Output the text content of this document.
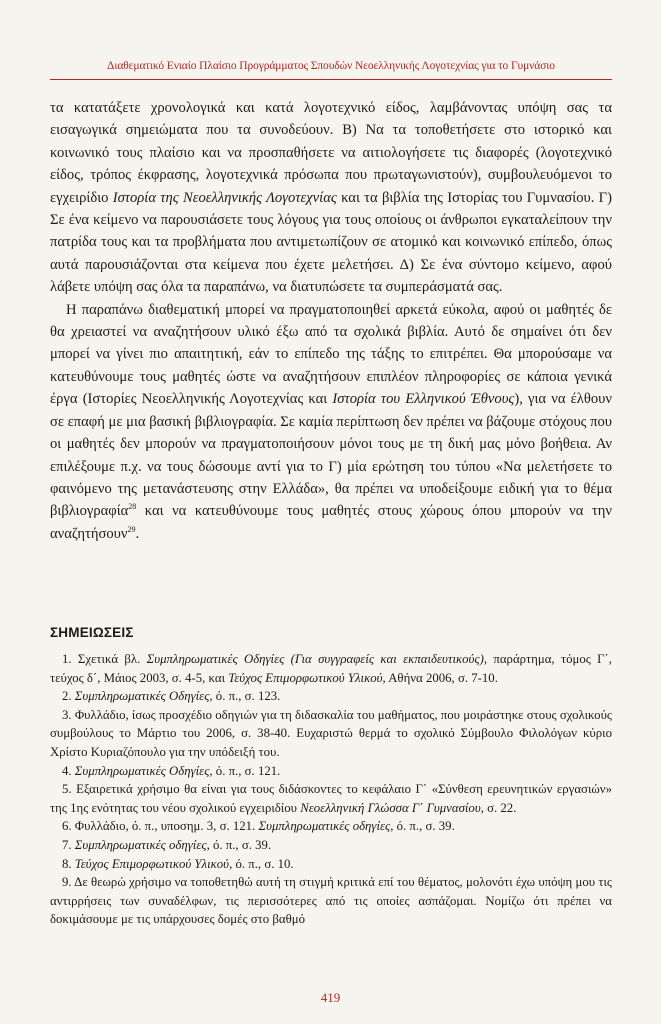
Διαθεματικό Ενιαίο Πλαίσιο Προγράμματος Σπουδών Νεοελληνικής Λογοτεχνίας για το Γυμνάσιο

τα κατατάξετε χρονολογικά και κατά λογοτεχνικό είδος, λαμβάνοντας υπόψη σας τα εισαγωγικά σημειώματα που τα συνοδεύουν. Β) Να τα τοποθετήσετε στο ιστορικό και κοινωνικό τους πλαίσιο και να προσπαθήσετε να αιτιολογήσετε τις διαφορές (λογοτεχνικό είδος, τρόπος έκφρασης, λογοτεχνικά πρόσωπα που πρωταγωνιστούν), συμβουλευόμενοι το εγχειρίδιο Ιστορία της Νεοελληνικής Λογοτεχνίας και τα βιβλία της Ιστορίας του Γυμνασίου. Γ) Σε ένα κείμενο να παρουσιάσετε τους λόγους για τους οποίους οι άνθρωποι εγκαταλείπουν την πατρίδα τους και τα προβλήματα που αντιμετωπίζουν σε ατομικό και κοινωνικό επίπεδο, όπως αυτά παρουσιάζονται στα κείμενα που έχετε μελετήσει. Δ) Σε ένα σύντομο κείμενο, αφού λάβετε υπόψη σας όλα τα παραπάνω, να διατυπώσετε τα συμπεράσματά σας.

Η παραπάνω διαθεματική μπορεί να πραγματοποιηθεί αρκετά εύκολα, αφού οι μαθητές δε θα χρειαστεί να αναζητήσουν υλικό έξω από τα σχολικά βιβλία. Αυτό δε σημαίνει ότι δεν μπορεί να γίνει πιο απαιτητική, εάν το επίπεδο της τάξης το επιτρέπει. Θα μπορούσαμε να κατευθύνουμε τους μαθητές ώστε να αναζητήσουν επιπλέον πληροφορίες σε κάποια γενικά έργα (Ιστορίες Νεοελληνικής Λογοτεχνίας και Ιστορία του Ελληνικού Έθνους), για να έλθουν σε επαφή με μια βασική βιβλιογραφία. Σε καμία περίπτωση δεν πρέπει να βάζουμε στόχους που οι μαθητές δεν μπορούν να πραγματοποιήσουν μόνοι τους με τη δική μας μόνο βοήθεια. Αν επιλέξουμε π.χ. να τους δώσουμε αντί για το Γ) μία ερώτηση του τύπου «Να μελετήσετε το φαινόμενο της μετανάστευσης στην Ελλάδα», θα πρέπει να υποδείξουμε ειδική για το θέμα βιβλιογραφία$^{28}$ και να κατευθύνουμε τους μαθητές στους χώρους όπου μπορούν να την αναζητήσουν$^{29}$.

ΣΗΜΕΙΩΣΕΙΣ

1. Σχετικά βλ. Συμπληρωματικές Οδηγίες (Για συγγραφείς και εκπαιδευτικούς), παράρτημα, τόμος Γ΄, τεύχος δ΄, Μάιος 2003, σ. 4-5, και Τεύχος Επιμορφωτικού Υλικού, Αθήνα 2006, σ. 7-10.

2. Συμπληρωματικές Οδηγίες, ό. π., σ. 123.

3. Φυλλάδιο, ίσως προσχέδιο οδηγιών για τη διδασκαλία του μαθήματος, που μοιράστηκε στους σχολικούς συμβούλους το Μάρτιο του 2006, σ. 38-40. Ευχαριστώ θερμά το σχολικό Σύμβουλο Φιλολόγων κύριο Χρίστο Κυριαζόπουλο για την υπόδειξή του.

4. Συμπληρωματικές Οδηγίες, ό. π., σ. 121.

5. Εξαιρετικά χρήσιμο θα είναι για τους διδάσκοντες το κεφάλαιο Γ΄ «Σύνθεση ερευνητικών εργασιών» της 1ης ενότητας του νέου σχολικού εγχειριδίου Νεοελληνική Γλώσσα Γ΄ Γυμνασίου, σ. 22.

6. Φυλλάδιο, ό. π., υποσημ. 3, σ. 121. Συμπληρωματικές οδηγίες, ό. π., σ. 39.

7. Συμπληρωματικές οδηγίες, ό. π., σ. 39.

8. Τεύχος Επιμορφωτικού Υλικού, ό. π., σ. 10.

9. Δε θεωρώ χρήσιμο να τοποθετηθώ αυτή τη στιγμή κριτικά επί του θέματος, μολονότι έχω υπόψη μου τις αντιρρήσεις των συναδέλφων, τις περισσότερες από τις οποίες ασπάζομαι. Νομίζω ότι πρέπει να δοκιμάσουμε με τις υπάρχουσες δομές στο βαθμό

419
